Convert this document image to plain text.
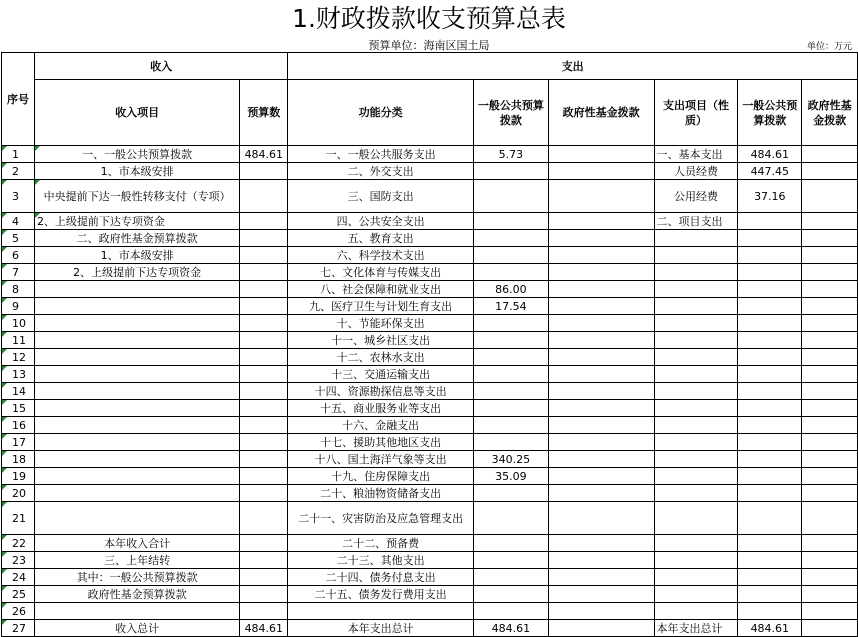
1.财政拨款收支预算总表
预算单位：海南区国土局	单位：万元
序号	收入		支出					
	收入项目	预算数	功能分类	一般公共预算拨款	政府性基金拨款	支出项目（性质）	一般公共预算拨款	政府性基金拨款
1	一、一般公共预算拨款	484.61	一、一般公共服务支出	5.73		一、基本支出	484.61	
2	1、市本级安排		二、外交支出			人员经费	447.45	
3	中央提前下达一般性转移支付（专项）		三、国防支出			公用经费	37.16	
4	2、上级提前下达专项资金		四、公共安全支出			二、项目支出		
5	二、政府性基金预算拨款		五、教育支出					
6	1、市本级安排		六、科学技术支出					
7	2、上级提前下达专项资金		七、文化体育与传媒支出					
8			八、社会保障和就业支出	86.00				
9			九、医疗卫生与计划生育支出	17.54				
10			十、节能环保支出					
11			十一、城乡社区支出					
12			十二、农林水支出					
13			十三、交通运输支出					
14			十四、资源勘探信息等支出					
15			十五、商业服务业等支出					
16			十六、金融支出					
17			十七、援助其他地区支出					
18			十八、国土海洋气象等支出	340.25				
19			十九、住房保障支出	35.09				
20			二十、粮油物资储备支出					
21			二十一、灾害防治及应急管理支出					
22	本年收入合计		二十二、预备费					
23	三、上年结转		二十三、其他支出					
24	其中：一般公共预算拨款		二十四、债务付息支出					
25	政府性基金预算拨款		二十五、债务发行费用支出					
26								
27	收入总计	484.61	本年支出总计	484.61		本年支出总计	484.61	
